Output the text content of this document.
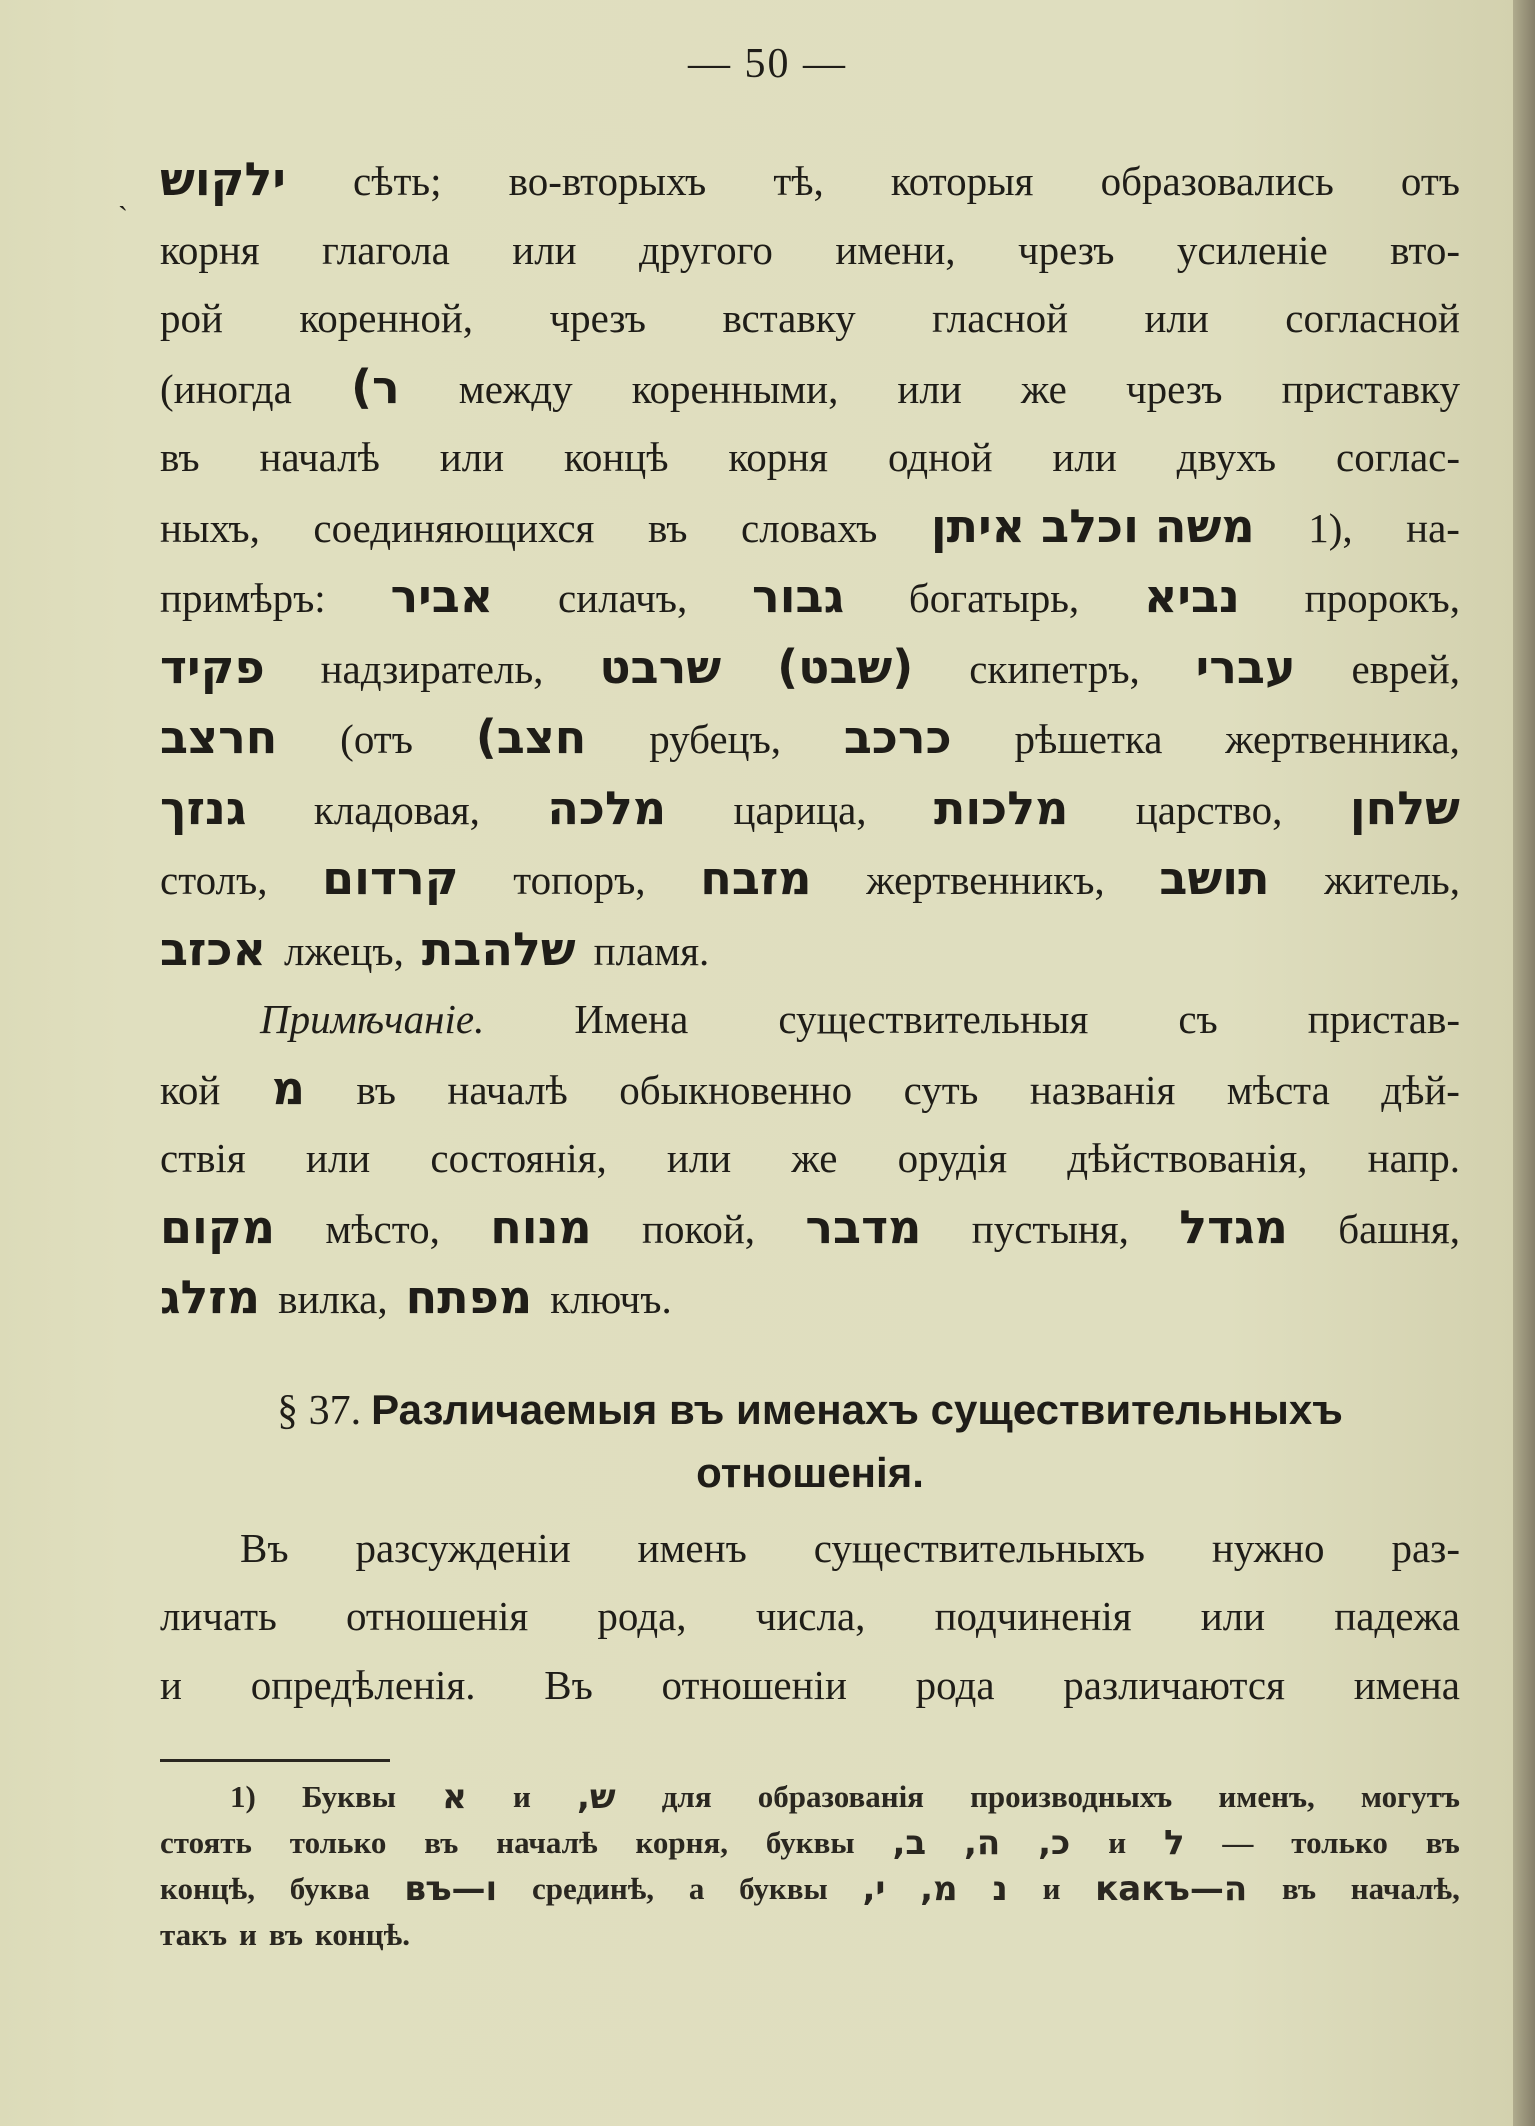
— 50 —
ˎ ילקוש сѣть; во-вторыхъ тѣ, которыя образовались отъ
корня глагола или другого имени, чрезъ усиленіе вто-
рой коренной, чрезъ вставку гласной или согласной
(иногда ר) между коренными, или же чрезъ приставку
въ началѣ или концѣ корня одной или двухъ соглас-
ныхъ, соединяющихся въ словахъ משה וכלב איתן 1), на-
примѣръ: אביר силачъ, גבור богатырь, נביא пророкъ,
פקיד надзиратель, שרבט (שבט) скипетръ, עברי еврей,
חרצב (отъ חצב) рубецъ, כרכב рѣшетка жертвенника,
גנזך кладовая, מלכה царица, מלכות царство, שלחן
столъ, קרדום топоръ, מזבח жертвенникъ, תושב житель,
אכזב лжецъ, שלהבת пламя.
Примѣчаніе. Имена существительныя съ пристав-
кой מ въ началѣ обыкновенно суть названія мѣста дѣй-
ствія или состоянія, или же орудія дѣйствованія, напр.
מקום мѣсто, מנוח покой, מדבר пустыня, מגדל башня,
מזלג вилка, מפתח ключъ.
§ 37. Различаемыя въ именахъ существительныхъ
отношенія.
Въ разсужденіи именъ существительныхъ нужно раз-
личать отношенія рода, числа, подчиненія или падежа
и опредѣленія. Въ отношеніи рода различаются имена
1) Буквы א и ש, для образованія производныхъ именъ, могутъ
стоять только въ началѣ корня, буквы ב, ה, כ, и ל — только въ
концѣ, буква ו—въ срединѣ, а буквы י, מ, נ и ה—какъ въ началѣ,
такъ и въ концѣ.
